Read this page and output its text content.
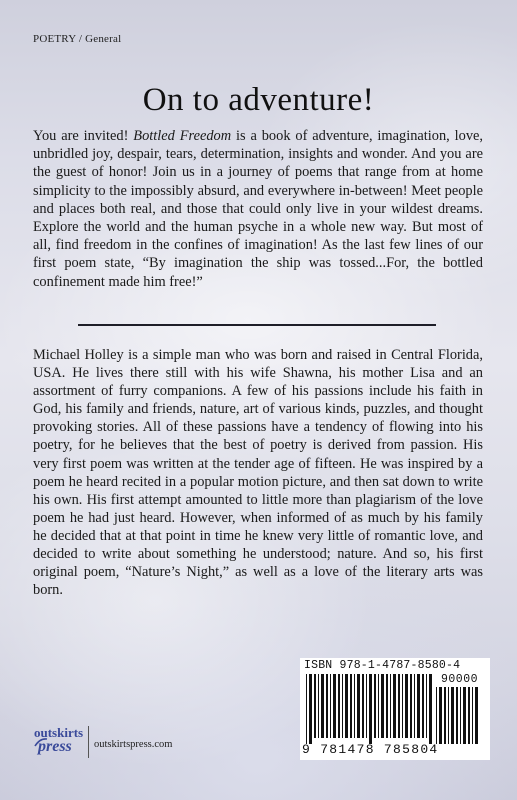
POETRY / General
On to adventure!

You are invited! Bottled Freedom is a book of adventure, imagination, love, unbridled joy, despair, tears, determination, insights and wonder. And you are the guest of honor! Join us in a journey of poems that range from at home simplicity to the impossibly absurd, and everywhere in-between! Meet people and places both real, and those that could only live in your wildest dreams. Explore the world and the human psyche in a whole new way. But most of all, find freedom in the confines of imagination! As the last few lines of our first poem state, “By imagination the ship was tossed...For, the bottled confinement made him free!”

Michael Holley is a simple man who was born and raised in Central Florida, USA. He lives there still with his wife Shawna, his mother Lisa and an assortment of furry companions. A few of his passions include his faith in God, his family and friends, nature, art of various kinds, puzzles, and thought provoking stories. All of these passions have a tendency of flowing into his poetry, for he believes that the best of poetry is derived from passion. His very first poem was written at the tender age of fifteen. He was inspired by a poem he heard recited in a popular motion picture, and then sat down to write his own. His first attempt amounted to little more than plagiarism of the love poem he had just heard. However, when informed of as much by his family he decided that at that point in time he knew very little of romantic love, and decided to write about something he understood; nature. And so, his first original poem, “Nature’s Night,” as well as a love of the literary arts was born.

ISBN 978-1-4787-8580-4
90000
9 781478 785804
outskirts
press	outskirtspress.com
